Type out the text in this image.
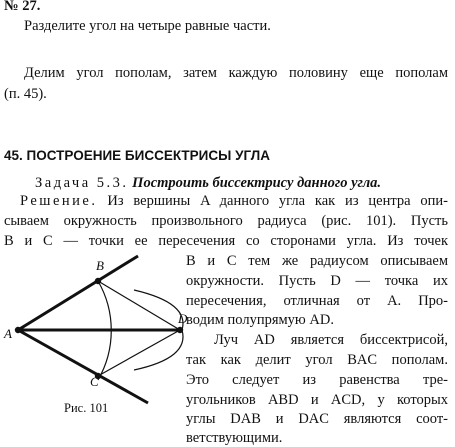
№ 27.
Разделите угол на четыре равные части.
Делим угол пополам, затем каждую половину еще пополам
(п. 45).
45. ПОСТРОЕНИЕ БИССЕКТРИСЫ УГЛА
Задача 5.3. Построить биссектрису данного угла.
Решение. Из вершины A данного угла как из центра опи-
сываем окружность произвольного радиуса (рис. 101). Пусть
B и C — точки ее пересечения со сторонами угла. Из точек
B и C тем же радиусом описываем
окружности. Пусть D — точка их
пересечения, отличная от A. Про-
водим полупрямую AD.
Луч AD является биссектрисой,
так как делит угол BAC пополам.
Это следует из равенства тре-
угольников ABD и ACD, у которых
углы DAB и DAC являются соот-
ветствующими.
A
B
C
D
Рис. 101
